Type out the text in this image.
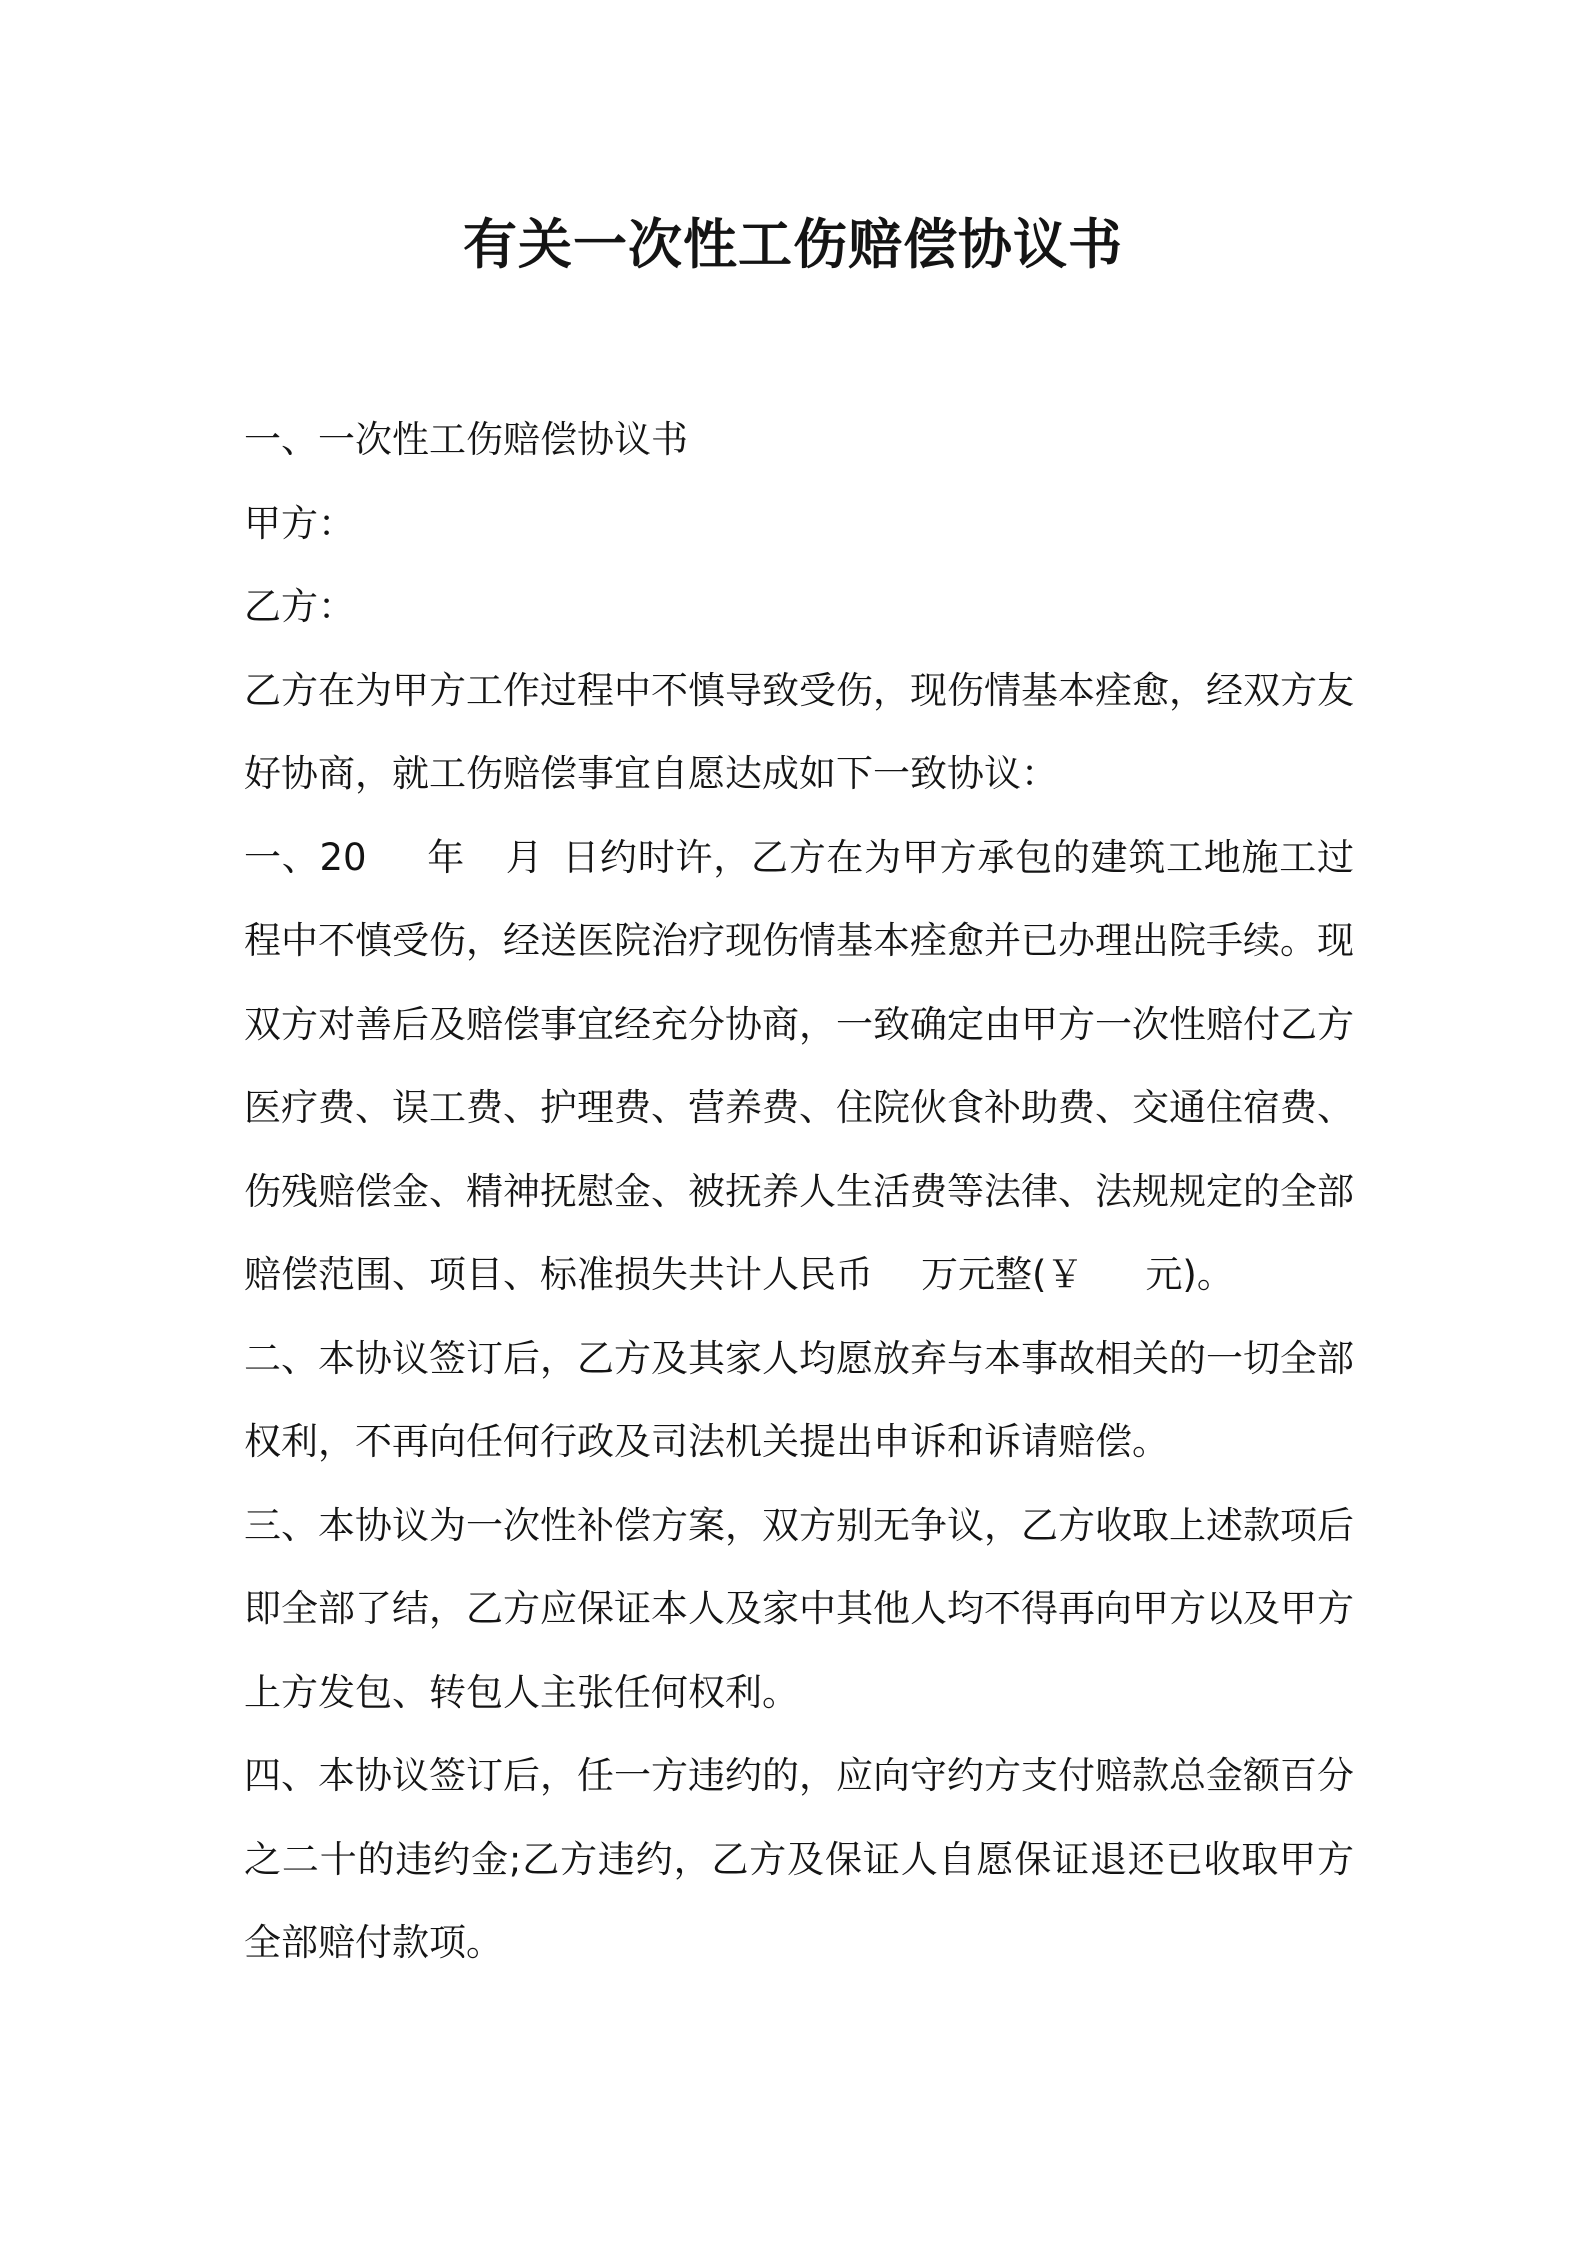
有关一次性工伤赔偿协议书

一、一次性工伤赔偿协议书

甲方：

乙方：

乙方在为甲方工作过程中不慎导致受伤，现伤情基本痊愈，经双方友好协商，就工伤赔偿事宜自愿达成如下一致协议：

一、20 年 月 日约时许，乙方在为甲方承包的建筑工地施工过程中不慎受伤，经送医院治疗现伤情基本痊愈并已办理出院手续。现双方对善后及赔偿事宜经充分协商，一致确定由甲方一次性赔付乙方医疗费、误工费、护理费、营养费、住院伙食补助费、交通住宿费、伤残赔偿金、精神抚慰金、被抚养人生活费等法律、法规规定的全部赔偿范围、项目、标准损失共计人民币 万元整(￥ 元)。

二、本协议签订后，乙方及其家人均愿放弃与本事故相关的一切全部权利，不再向任何行政及司法机关提出申诉和诉请赔偿。

三、本协议为一次性补偿方案，双方别无争议，乙方收取上述款项后即全部了结，乙方应保证本人及家中其他人均不得再向甲方以及甲方上方发包、转包人主张任何权利。

四、本协议签订后，任一方违约的，应向守约方支付赔款总金额百分之二十的违约金;乙方违约，乙方及保证人自愿保证退还已收取甲方全部赔付款项。
